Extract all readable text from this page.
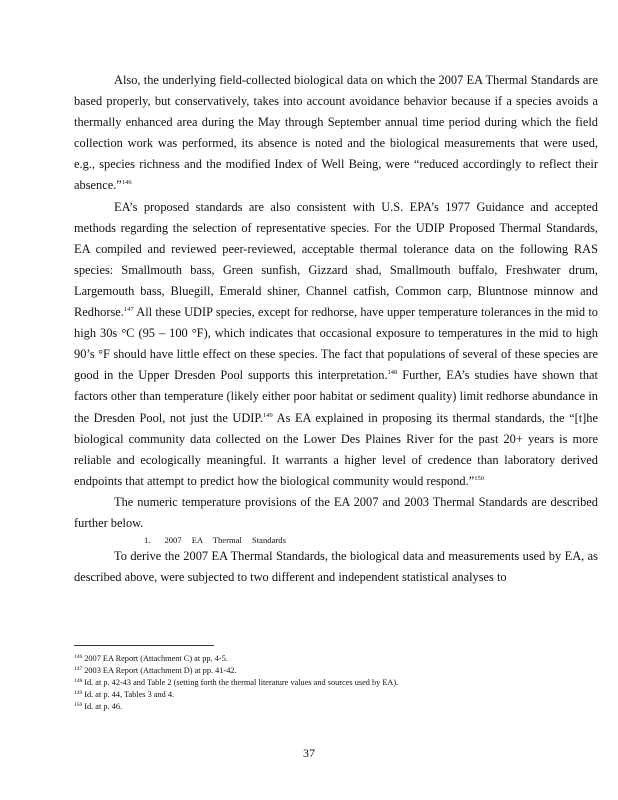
Also, the underlying field-collected biological data on which the 2007 EA Thermal Standards are based properly, but conservatively, takes into account avoidance behavior because if a species avoids a thermally enhanced area during the May through September annual time period during which the field collection work was performed, its absence is noted and the biological measurements that were used, e.g., species richness and the modified Index of Well Being, were “reduced accordingly to reflect their absence.”$^{146}$

EA’s proposed standards are also consistent with U.S. EPA’s 1977 Guidance and accepted methods regarding the selection of representative species. For the UDIP Proposed Thermal Standards, EA compiled and reviewed peer-reviewed, acceptable thermal tolerance data on the following RAS species: Smallmouth bass, Green sunfish, Gizzard shad, Smallmouth buffalo, Freshwater drum, Largemouth bass, Bluegill, Emerald shiner, Channel catfish, Common carp, Bluntnose minnow and Redhorse.$^{147}$ All these UDIP species, except for redhorse, have upper temperature tolerances in the mid to high 30s °C (95 – 100 °F), which indicates that occasional exposure to temperatures in the mid to high 90’s °F should have little effect on these species. The fact that populations of several of these species are good in the Upper Dresden Pool supports this interpretation.$^{148}$ Further, EA’s studies have shown that factors other than temperature (likely either poor habitat or sediment quality) limit redhorse abundance in the Dresden Pool, not just the UDIP.$^{149}$ As EA explained in proposing its thermal standards, the “[t]he biological community data collected on the Lower Des Plaines River for the past 20+ years is more reliable and ecologically meaningful. It warrants a higher level of credence than laboratory derived endpoints that attempt to predict how the biological community would respond.”$^{150}$

The numeric temperature provisions of the EA 2007 and 2003 Thermal Standards are described further below.

1. 2007 EA Thermal Standards

To derive the 2007 EA Thermal Standards, the biological data and measurements used by EA, as described above, were subjected to two different and independent statistical analyses to

$^{146}$ 2007 EA Report (Attachment C) at pp. 4-5.
$^{147}$ 2003 EA Report (Attachment D) at pp. 41-42.
$^{148}$ Id. at p. 42-43 and Table 2 (setting forth the thermal literature values and sources used by EA).
$^{149}$ Id. at p. 44, Tables 3 and 4.
$^{150}$ Id. at p. 46.
37
